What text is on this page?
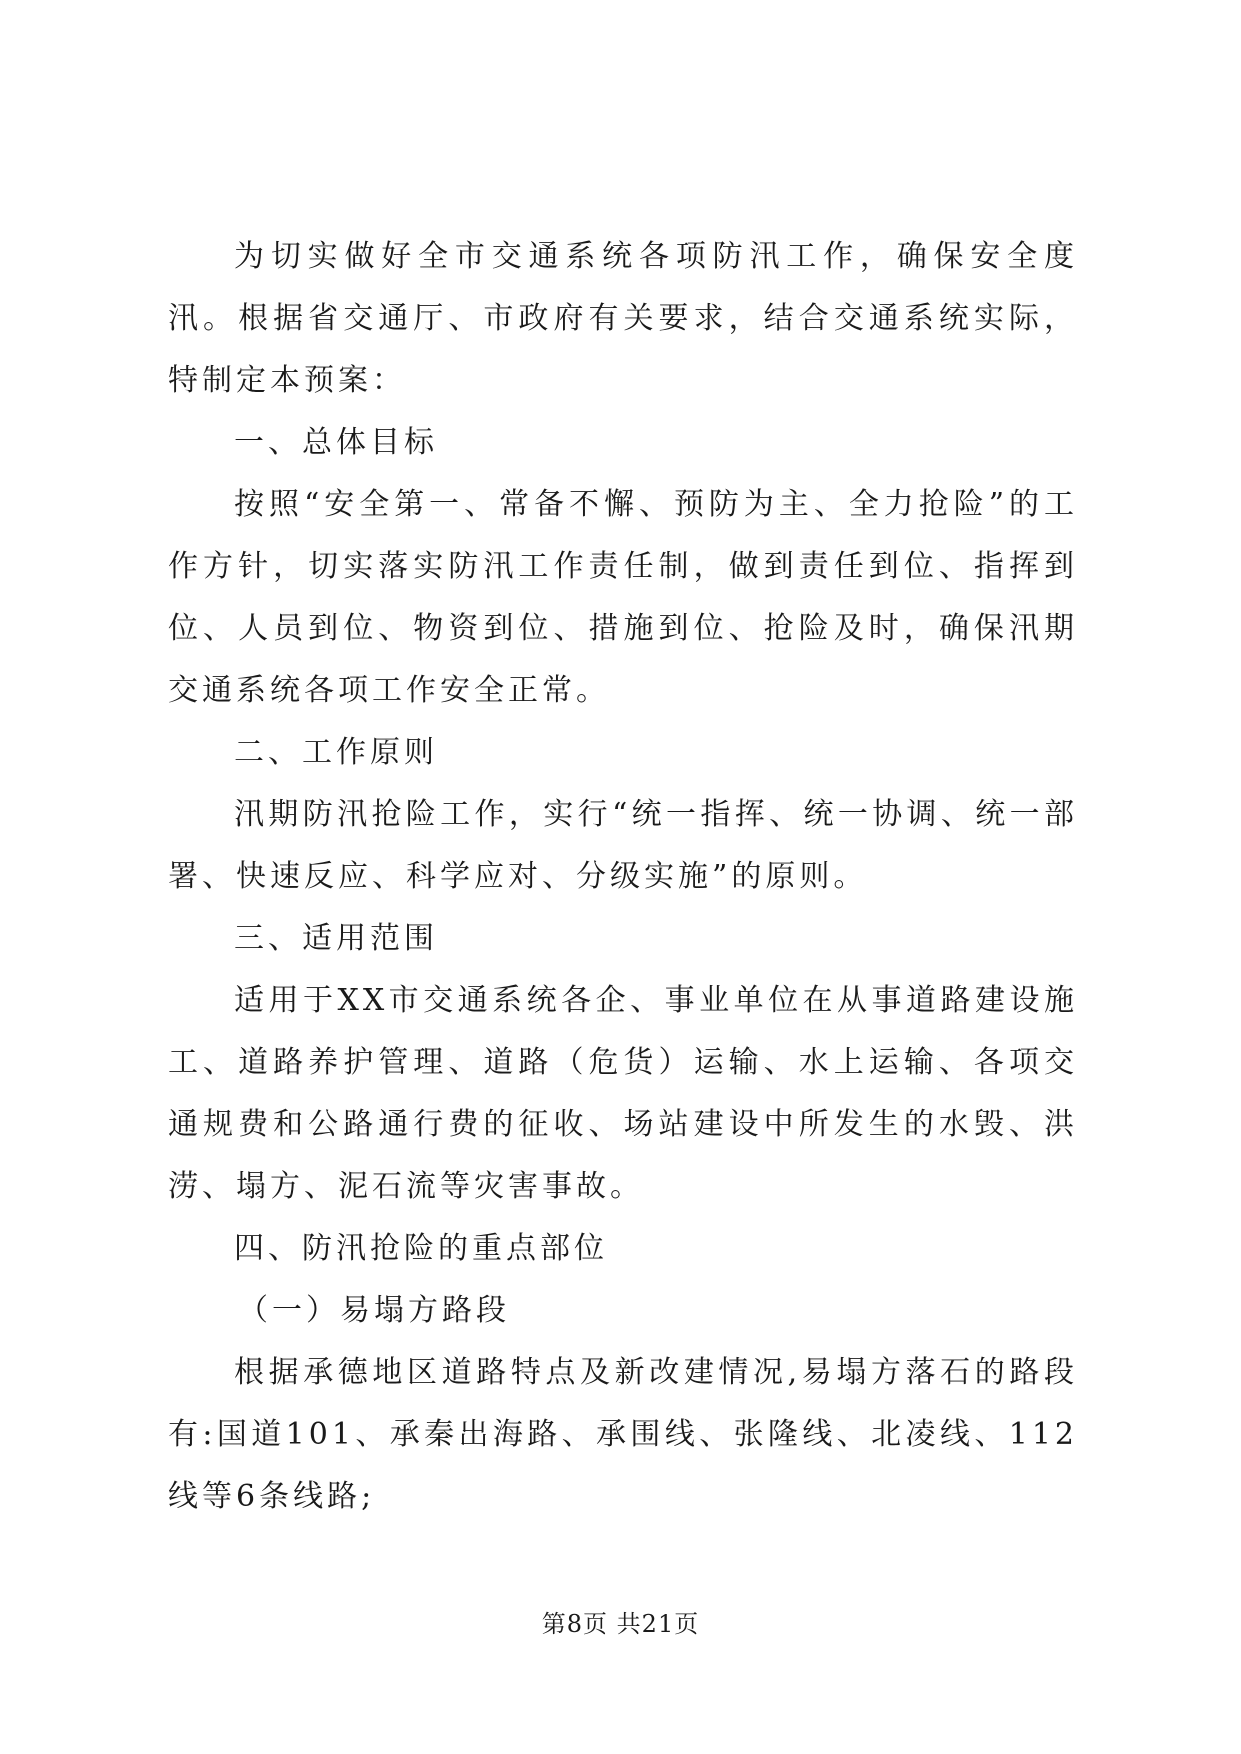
为切实做好全市交通系统各项防汛工作，确保安全度汛。根据省交通厅、市政府有关要求，结合交通系统实际，特制定本预案：

一、总体目标

按照“安全第一、常备不懈、预防为主、全力抢险”的工作方针，切实落实防汛工作责任制，做到责任到位、指挥到位、人员到位、物资到位、措施到位、抢险及时，确保汛期交通系统各项工作安全正常。

二、工作原则

汛期防汛抢险工作，实行“统一指挥、统一协调、统一部署、快速反应、科学应对、分级实施”的原则。

三、适用范围

适用于XX市交通系统各企、事业单位在从事道路建设施工、道路养护管理、道路（危货）运输、水上运输、各项交通规费和公路通行费的征收、场站建设中所发生的水毁、洪涝、塌方、泥石流等灾害事故。

四、防汛抢险的重点部位

（一）易塌方路段

根据承德地区道路特点及新改建情况,易塌方落石的路段有:国道101、承秦出海路、承围线、张隆线、北凌线、112线等6条线路;

第8页 共21页
